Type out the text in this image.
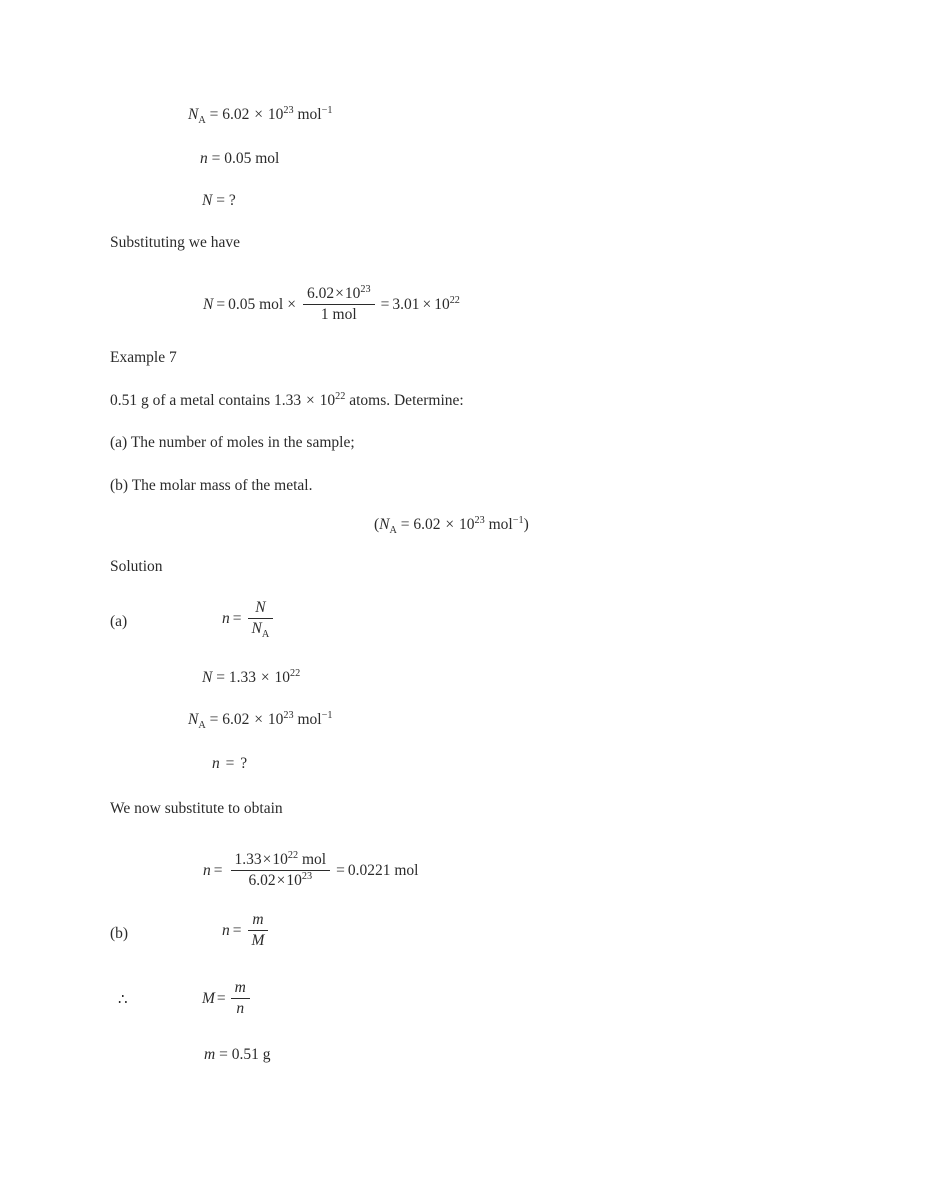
$N_A = 6.02 \times 10^{23}$ mol$^{-1}$
n = 0.05 mol
N = ?
Substituting we have
N = 0.05 mol × $\frac{6.02\times 10^{23}}{\text{1 mol}} = 3.01 \times 10^{22}$
Example 7
0.51 g of a metal contains $1.33 \times 10^{22}$ atoms. Determine:
(a) The number of moles in the sample;
(b) The molar mass of the metal.
($N_A = 6.02 \times 10^{23}$ mol$^{-1}$)
Solution
(a)	$n = \frac{N}{N_A}$
$N = 1.33 \times 10^{22}$
$N_A = 6.02 \times 10^{23}$ mol$^{-1}$
n = ?
We now substitute to obtain
$n = \frac{1.33\times 10^{22} mol}{6.02\times 10^{23}} = 0.0221$ mol
(b)	$n = \frac{m}{M}$
∴	$M = \frac{m}{n}$
m = 0.51 g
